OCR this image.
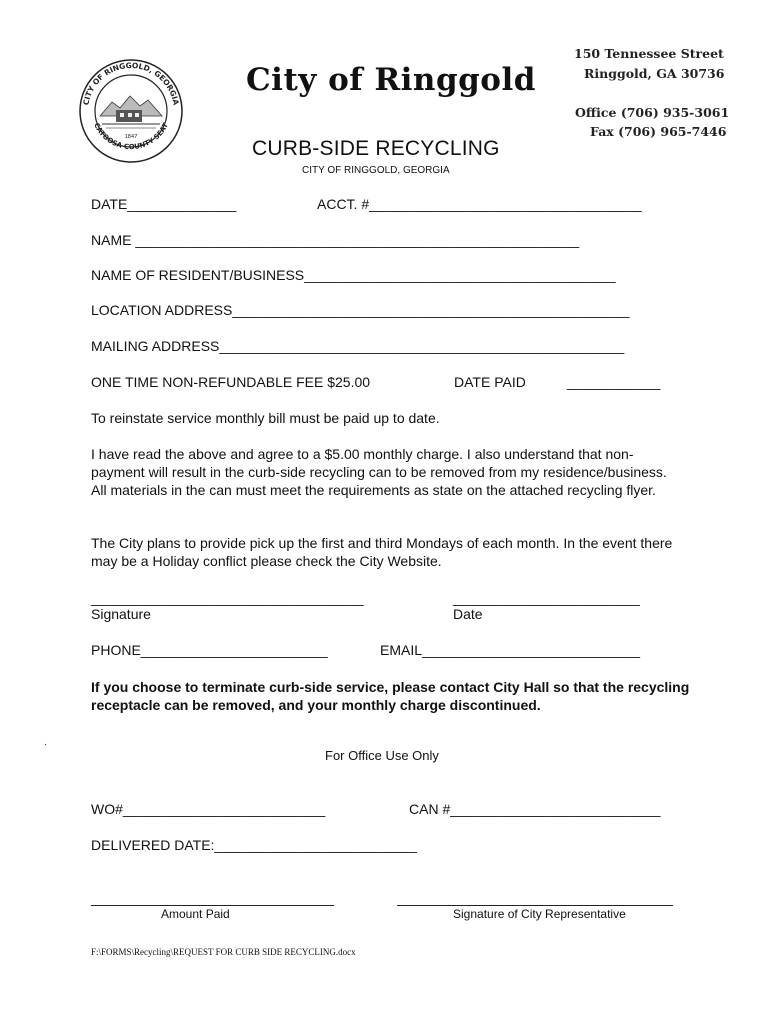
CITY OF RINGGOLD, GEORGIA
CATOOSA COUNTY SEAT
1847
City of Ringgold
150 Tennessee Street
Ringgold, GA 30736
Office (706) 935-3061
Fax (706) 965-7446
CURB-SIDE RECYCLING
CITY OF RINGGOLD, GEORGIA
DATE______________	ACCT. #___________________________________
NAME _________________________________________________________
NAME OF RESIDENT/BUSINESS________________________________________
LOCATION ADDRESS___________________________________________________
MAILING ADDRESS____________________________________________________
ONE TIME NON-REFUNDABLE FEE $25.00	DATE PAID	____________
To reinstate service monthly bill must be paid up to date.
I have read the above and agree to a $5.00 monthly charge. I also understand that non-payment will result in the curb-side recycling can to be removed from my residence/business. All materials in the can must meet the requirements as state on the attached recycling flyer.
The City plans to provide pick up the first and third Mondays of each month. In the event there may be a Holiday conflict please check the City Website.
___________________________________
Signature
________________________
Date
PHONE________________________	EMAIL____________________________
If you choose to terminate curb-side service, please contact City Hall so that the recycling receptacle can be removed, and your monthly charge discontinued.
.
For Office Use Only
WO#__________________________	CAN #___________________________
DELIVERED DATE:__________________________
Amount Paid	Signature of City Representative
F:\FORMS\Recycling\REQUEST FOR CURB SIDE RECYCLING.docx
